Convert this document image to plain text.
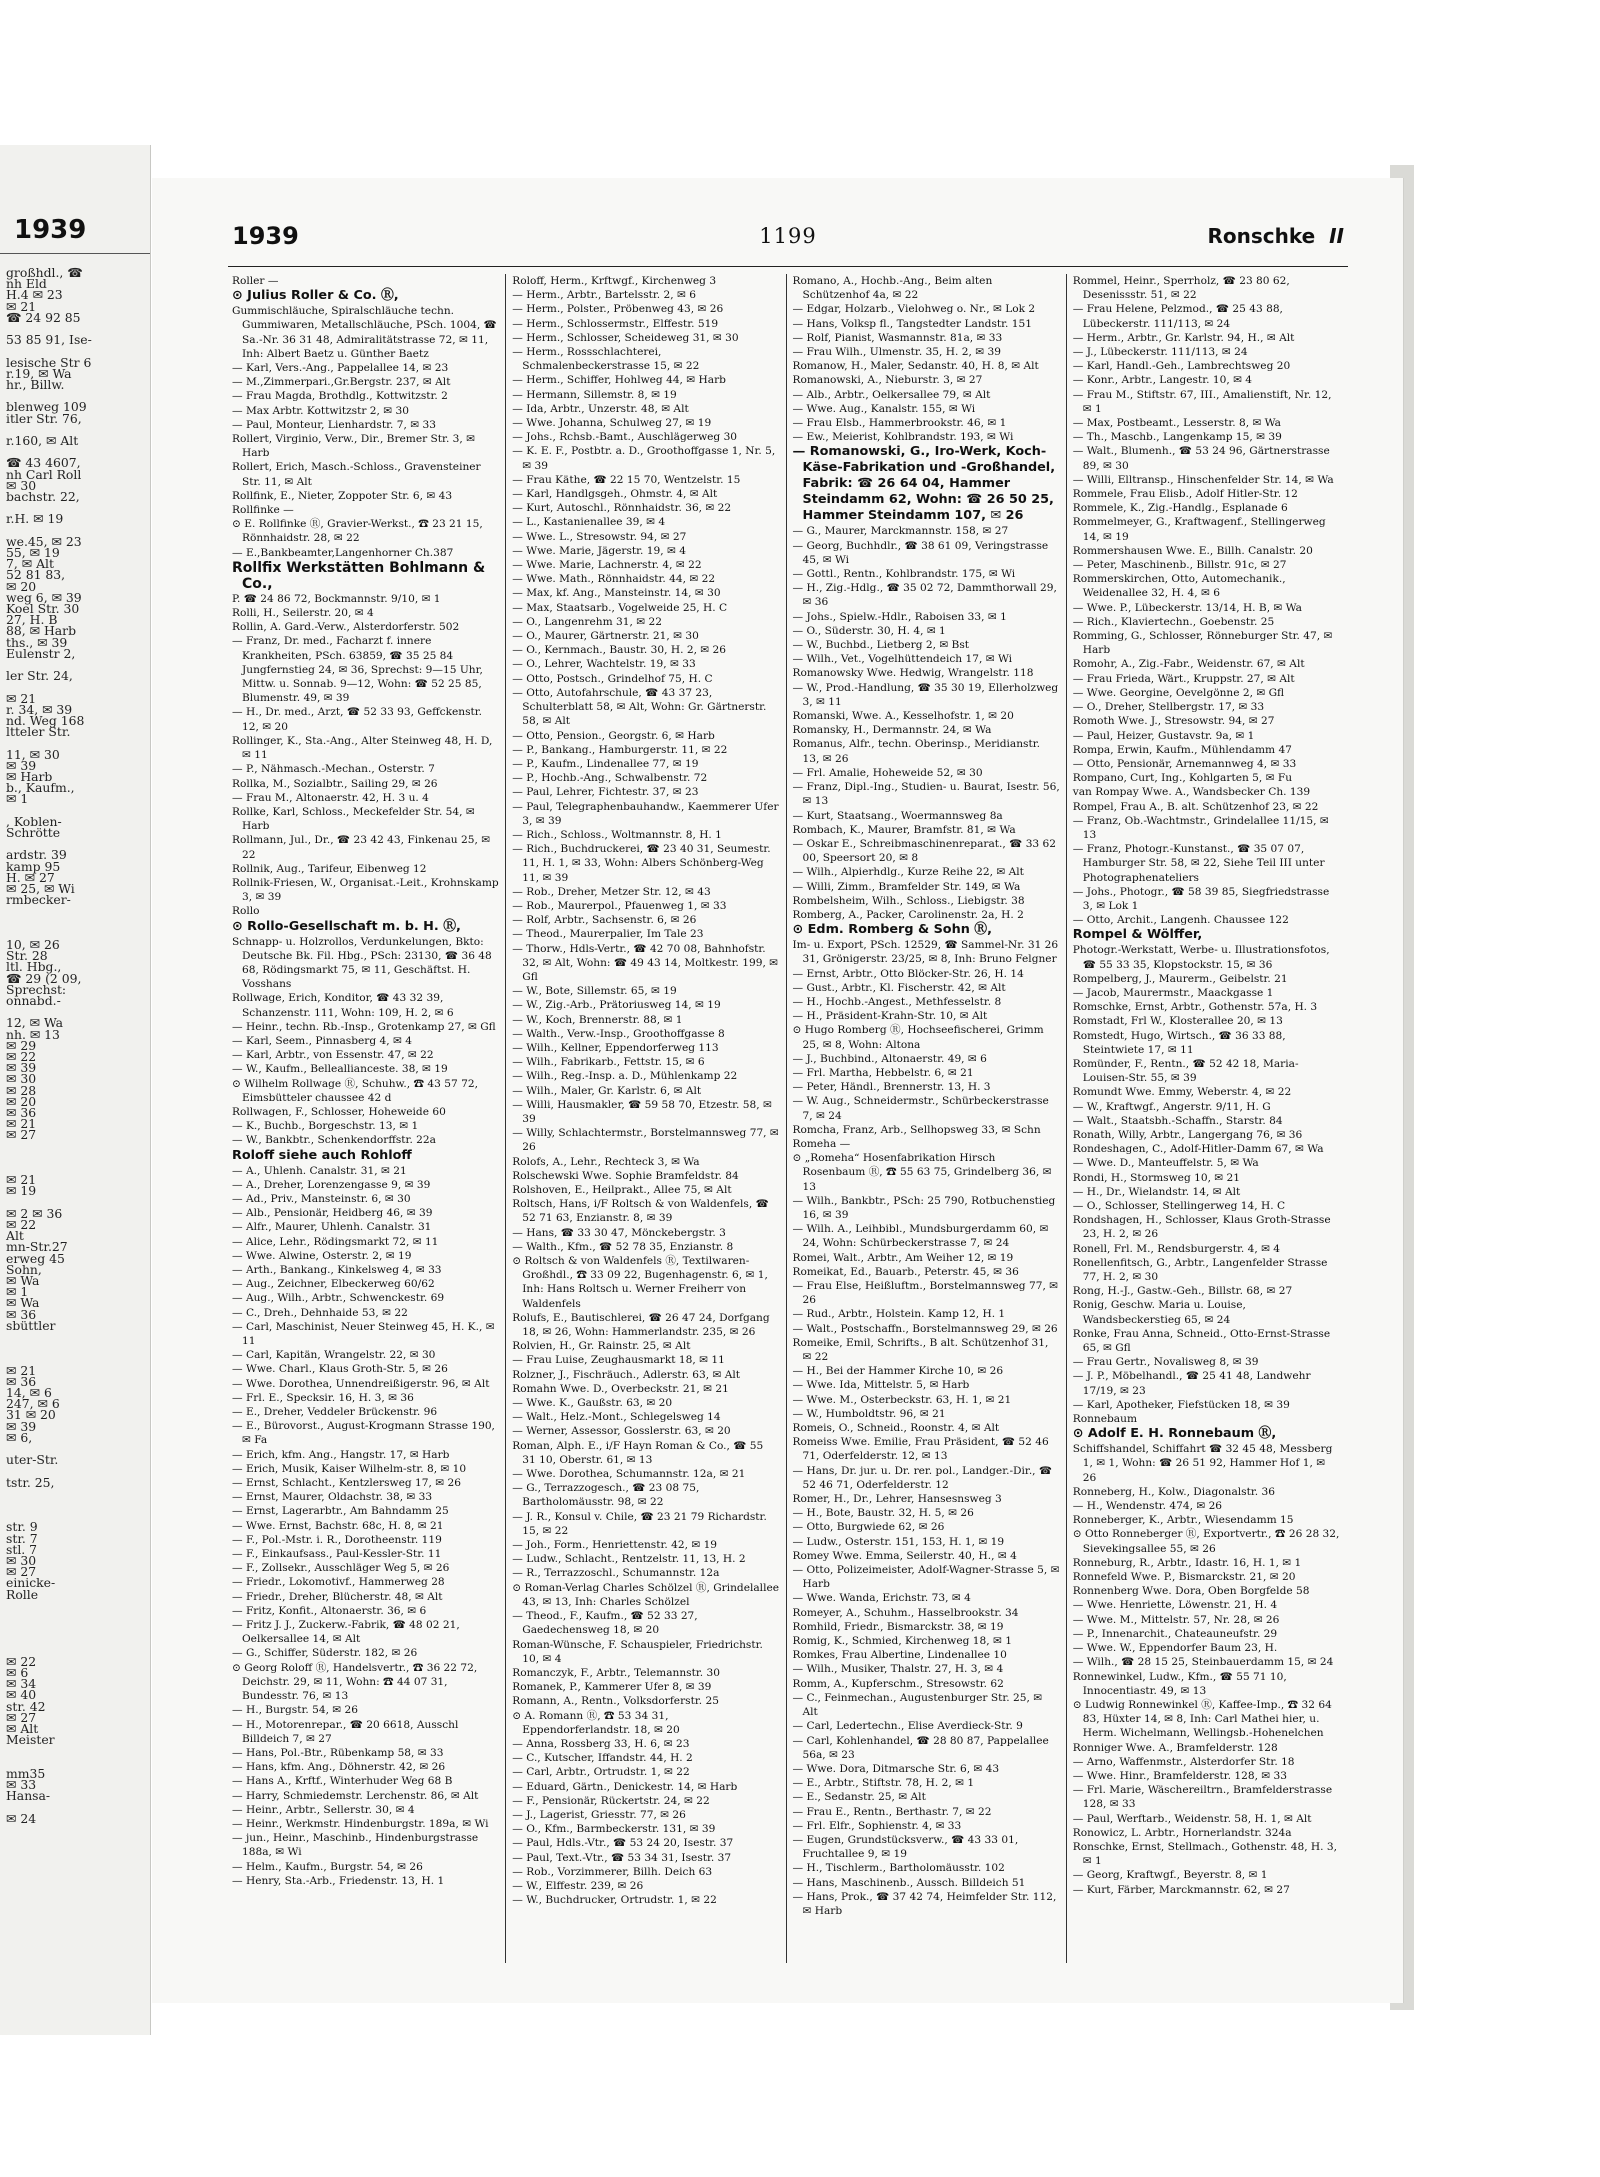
1939
großhdl., ☎
nh Eld
H.4 ✉ 23
✉ 21
☎ 24 92 85
53 85 91, Ise-
lesische Str 6
r.19, ✉ Wa
hr., Billw.
blenweg 109
itler Str. 76,
r.160, ✉ Alt
☎ 43 4607,
nh Carl Roll
✉ 30
bachstr. 22,
r.H. ✉ 19
we.45, ✉ 23
55, ✉ 19
7, ✉ Alt
52 81 83,
✉ 20
weg 6, ✉ 39
Koel Str. 30
27, H. B
88, ✉ Harb
ths., ✉ 39
Eulenstr 2,
ler Str. 24,
✉ 21
r. 34, ✉ 39
nd. Weg 168
ltteler Str.
11, ✉ 30
✉ 39
✉ Harb
b., Kaufm.,
✉ 1
, Koblen-
Schrötte
ardstr. 39
kamp 95
H. ✉ 27
✉ 25, ✉ Wi
rmbecker-
10, ✉ 26
Str. 28
ltl. Hbg.,
☎ 29 (2 09,
Sprechst:
onnabd.-
12, ✉ Wa
nh. ✉ 13
✉ 29
✉ 22
✉ 39
✉ 30
✉ 28
✉ 20
✉ 36
✉ 21
✉ 27
✉ 21
✉ 19
✉ 2 ✉ 36
✉ 22
Alt
mn-Str.27
erweg 45
Sohn,
✉ Wa
✉ 1
✉ Wa
✉ 36
sbüttler
✉ 21
✉ 36
14, ✉ 6
247, ✉ 6
31 ✉ 20
✉ 39
✉ 6,
uter-Str.
tstr. 25,
str. 9
str. 7
stl. 7
✉ 30
✉ 27
einicke-
Rolle
✉ 22
✉ 6
✉ 34
✉ 40
str. 42
✉ 27
✉ Alt
Meister
mm35
✉ 33
Hansa-
✉ 24
1939	1199	Ronschke II
Roller —
⊙ Julius Roller & Co. Ⓡ,
Gummischläuche, Spiralschläuche techn. Gummiwaren, Metallschläuche, PSch. 1004, ☎ Sa.-Nr. 36 31 48, Admiralitätstrasse 72, ✉ 11, Inh: Albert Baetz u. Günther Baetz
— Karl, Vers.-Ang., Pappelallee 14, ✉ 23
— M.,Zimmerpari.,Gr.Bergstr. 237, ✉ Alt
— Frau Magda, Brothdlg., Kottwitzstr. 2
— Max Arbtr. Kottwitzstr 2, ✉ 30
— Paul, Monteur, Lienhardstr. 7, ✉ 33
Rollert, Virginio, Verw., Dir., Bremer Str. 3, ✉ Harb
Rollert, Erich, Masch.-Schloss., Gravensteiner Str. 11, ✉ Alt
Rollfink, E., Nieter, Zoppoter Str. 6, ✉ 43
Rollfinke —
⊙ E. Rollfinke Ⓡ, Gravier-Werkst., ☎ 23 21 15, Rönnhaidstr. 28, ✉ 22
— E.,Bankbeamter,Langenhorner Ch.387
Rollfix Werkstätten Bohlmann & Co.,
P. ☎ 24 86 72, Bockmannstr. 9/10, ✉ 1
Rolli, H., Seilerstr. 20, ✉ 4
Rollin, A. Gard.-Verw., Alsterdorferstr. 502
— Franz, Dr. med., Facharzt f. innere Krankheiten, PSch. 63859, ☎ 35 25 84 Jungfernstieg 24, ✉ 36, Sprechst: 9—15 Uhr, Mittw. u. Sonnab. 9—12, Wohn: ☎ 52 25 85, Blumenstr. 49, ✉ 39
— H., Dr. med., Arzt, ☎ 52 33 93, Geffckenstr. 12, ✉ 20
Rollinger, K., Sta.-Ang., Alter Steinweg 48, H. D, ✉ 11
— P., Nähmasch.-Mechan., Osterstr. 7
Rollka, M., Sozialbtr., Sailing 29, ✉ 26
— Frau M., Altonaerstr. 42, H. 3 u. 4
Rollke, Karl, Schloss., Meckefelder Str. 54, ✉ Harb
Rollmann, Jul., Dr., ☎ 23 42 43, Finkenau 25, ✉ 22
Rollnik, Aug., Tarifeur, Eibenweg 12
Rollnik-Friesen, W., Organisat.-Leit., Krohnskamp 3, ✉ 39
Rollo
⊙ Rollo-Gesellschaft m. b. H. Ⓡ,
Schnapp- u. Holzrollos, Verdunkelungen, Bkto: Deutsche Bk. Fil. Hbg., PSch: 23130, ☎ 36 48 68, Rödingsmarkt 75, ✉ 11, Geschäftst. H. Vosshans
Rollwage, Erich, Konditor, ☎ 43 32 39, Schanzenstr. 111, Wohn: 109, H. 2, ✉ 6
— Heinr., techn. Rb.-Insp., Grotenkamp 27, ✉ Gfl
— Karl, Seem., Pinnasberg 4, ✉ 4
— Karl, Arbtr., von Essenstr. 47, ✉ 22
— W., Kaufm., Belleallianceste. 38, ✉ 19
⊙ Wilhelm Rollwage Ⓡ, Schuhw., ☎ 43 57 72, Eimsbütteler chaussee 42 d
Rollwagen, F., Schlosser, Hoheweide 60
— K., Buchb., Borgeschstr. 13, ✉ 1
— W., Bankbtr., Schenkendorffstr. 22a
Roloff siehe auch Rohloff
— A., Uhlenh. Canalstr. 31, ✉ 21
— A., Dreher, Lorenzengasse 9, ✉ 39
— Ad., Priv., Mansteinstr. 6, ✉ 30
— Alb., Pensionär, Heidberg 46, ✉ 39
— Alfr., Maurer, Uhlenh. Canalstr. 31
— Alice, Lehr., Rödingsmarkt 72, ✉ 11
— Wwe. Alwine, Osterstr. 2, ✉ 19
— Arth., Bankang., Kinkelsweg 4, ✉ 33
— Aug., Zeichner, Elbeckerweg 60/62
— Aug., Wilh., Arbtr., Schwenckestr. 69
— C., Dreh., Dehnhaide 53, ✉ 22
— Carl, Maschinist, Neuer Steinweg 45, H. K., ✉ 11
— Carl, Kapitän, Wrangelstr. 22, ✉ 30
— Wwe. Charl., Klaus Groth-Str. 5, ✉ 26
— Wwe. Dorothea, Unnendreißigerstr. 96, ✉ Alt
— Frl. E., Specksir. 16, H. 3, ✉ 36
— E., Dreher, Veddeler Brückenstr. 96
— E., Bürovorst., August-Krogmann Strasse 190, ✉ Fa
— Erich, kfm. Ang., Hangstr. 17, ✉ Harb
— Erich, Musik, Kaiser Wilhelm-str. 8, ✉ 10
— Ernst, Schlacht., Kentzlersweg 17, ✉ 26
— Ernst, Maurer, Oldachstr. 38, ✉ 33
— Ernst, Lagerarbtr., Am Bahndamm 25
— Wwe. Ernst, Bachstr. 68c, H. 8, ✉ 21
— F., Pol.-Mstr. i. R., Dorotheenstr. 119
— F., Einkaufsass., Paul-Kessler-Str. 11
— F., Zollsekr., Ausschläger Weg 5, ✉ 26
— Friedr., Lokomotivf., Hammerweg 28
— Friedr., Dreher, Blücherstr. 48, ✉ Alt
— Fritz, Konfit., Altonaerstr. 36, ✉ 6
— Fritz J. J., Zuckerw.-Fabrik, ☎ 48 02 21, Oelkersallee 14, ✉ Alt
— G., Schiffer, Süderstr. 182, ✉ 26
⊙ Georg Roloff Ⓡ, Handelsvertr., ☎ 36 22 72, Deichstr. 29, ✉ 11, Wohn: ☎ 44 07 31, Bundesstr. 76, ✉ 13
— H., Burgstr. 54, ✉ 26
— H., Motorenrepar., ☎ 20 6618, Ausschl Billdeich 7, ✉ 27
— Hans, Pol.-Btr., Rübenkamp 58, ✉ 33
— Hans, kfm. Ang., Döhnerstr. 42, ✉ 26
— Hans A., Krftf., Winterhuder Weg 68 B
— Harry, Schmiedemstr. Lerchenstr. 86, ✉ Alt
— Heinr., Arbtr., Sellerstr. 30, ✉ 4
— Heinr., Werkmstr. Hindenburgstr. 189a, ✉ Wi
— jun., Heinr., Maschinb., Hindenburgstrasse 188a, ✉ Wi
— Helm., Kaufm., Burgstr. 54, ✉ 26
— Henry, Sta.-Arb., Friedenstr. 13, H. 1
Roloff, Herm., Krftwgf., Kirchenweg 3
— Herm., Arbtr., Bartelsstr. 2, ✉ 6
— Herm., Polster., Pröbenweg 43, ✉ 26
— Herm., Schlossermstr., Elffestr. 519
— Herm., Schlosser, Scheideweg 31, ✉ 30
— Herm., Rossschlachterei, Schmalenbeckerstrasse 15, ✉ 22
— Herm., Schiffer, Hohlweg 44, ✉ Harb
— Hermann, Sillemstr. 8, ✉ 19
— Ida, Arbtr., Unzerstr. 48, ✉ Alt
— Wwe. Johanna, Schulweg 27, ✉ 19
— Johs., Rchsb.-Bamt., Auschlägerweg 30
— K. E. F., Postbtr. a. D., Groothoffgasse 1, Nr. 5, ✉ 39
— Frau Käthe, ☎ 22 15 70, Wentzelstr. 15
— Karl, Handlgsgeh., Ohmstr. 4, ✉ Alt
— Kurt, Autoschl., Rönnhaidstr. 36, ✉ 22
— L., Kastanienallee 39, ✉ 4
— Wwe. L., Stresowstr. 94, ✉ 27
— Wwe. Marie, Jägerstr. 19, ✉ 4
— Wwe. Marie, Lachnerstr. 4, ✉ 22
— Wwe. Math., Rönnhaidstr. 44, ✉ 22
— Max, kf. Ang., Mansteinstr. 14, ✉ 30
— Max, Staatsarb., Vogelweide 25, H. C
— O., Langenrehm 31, ✉ 22
— O., Maurer, Gärtnerstr. 21, ✉ 30
— O., Kernmach., Baustr. 30, H. 2, ✉ 26
— O., Lehrer, Wachtelstr. 19, ✉ 33
— Otto, Postsch., Grindelhof 75, H. C
— Otto, Autofahrschule, ☎ 43 37 23, Schulterblatt 58, ✉ Alt, Wohn: Gr. Gärtnerstr. 58, ✉ Alt
— Otto, Pension., Georgstr. 6, ✉ Harb
— P., Bankang., Hamburgerstr. 11, ✉ 22
— P., Kaufm., Lindenallee 77, ✉ 19
— P., Hochb.-Ang., Schwalbenstr. 72
— Paul, Lehrer, Fichtestr. 37, ✉ 23
— Paul, Telegraphenbauhandw., Kaemmerer Ufer 3, ✉ 39
— Rich., Schloss., Woltmannstr. 8, H. 1
— Rich., Buchdruckerei, ☎ 23 40 31, Seumestr. 11, H. 1, ✉ 33, Wohn: Albers Schönberg-Weg 11, ✉ 39
— Rob., Dreher, Metzer Str. 12, ✉ 43
— Rob., Maurerpol., Pfauenweg 1, ✉ 33
— Rolf, Arbtr., Sachsenstr. 6, ✉ 26
— Theod., Maurerpalier, Im Tale 23
— Thorw., Hdls-Vertr., ☎ 42 70 08, Bahnhofstr. 32, ✉ Alt, Wohn: ☎ 49 43 14, Moltkestr. 199, ✉ Gfl
— W., Bote, Sillemstr. 65, ✉ 19
— W., Zig.-Arb., Prätoriusweg 14, ✉ 19
— W., Koch, Brennerstr. 88, ✉ 1
— Walth., Verw.-Insp., Groothoffgasse 8
— Wilh., Kellner, Eppendorferweg 113
— Wilh., Fabrikarb., Fettstr. 15, ✉ 6
— Wilh., Reg.-Insp. a. D., Mühlenkamp 22
— Wilh., Maler, Gr. Karlstr. 6, ✉ Alt
— Willi, Hausmakler, ☎ 59 58 70, Etzestr. 58, ✉ 39
— Willy, Schlachtermstr., Borstelmannsweg 77, ✉ 26
Rolofs, A., Lehr., Rechteck 3, ✉ Wa
Rolschewski Wwe. Sophie Bramfeldstr. 84
Rolshoven, E., Heilprakt., Allee 75, ✉ Alt
Roltsch, Hans, i/F Roltsch & von Waldenfels, ☎ 52 71 63, Enzianstr. 8, ✉ 39
— Hans, ☎ 33 30 47, Mönckebergstr. 3
— Walth., Kfm., ☎ 52 78 35, Enzianstr. 8
⊙ Roltsch & von Waldenfels Ⓡ, Textilwaren-Großhdl., ☎ 33 09 22, Bugenhagenstr. 6, ✉ 1, Inh: Hans Roltsch u. Werner Freiherr von Waldenfels
Rolufs, E., Bautischlerei, ☎ 26 47 24, Dorfgang 18, ✉ 26, Wohn: Hammerlandstr. 235, ✉ 26
Rolvien, H., Gr. Rainstr. 25, ✉ Alt
— Frau Luise, Zeughausmarkt 18, ✉ 11
Rolzner, J., Fischräuch., Adlerstr. 63, ✉ Alt
Romahn Wwe. D., Overbeckstr. 21, ✉ 21
— Wwe. K., Gaußstr. 63, ✉ 20
— Walt., Helz.-Mont., Schlegelsweg 14
— Werner, Assessor, Gosslerstr. 63, ✉ 20
Roman, Alph. E., i/F Hayn Roman & Co., ☎ 55 31 10, Oberstr. 61, ✉ 13
— Wwe. Dorothea, Schumannstr. 12a, ✉ 21
— G., Terrazzogesch., ☎ 23 08 75, Bartholomäusstr. 98, ✉ 22
— J. R., Konsul v. Chile, ☎ 23 21 79 Richardstr. 15, ✉ 22
— Joh., Form., Henriettenstr. 42, ✉ 19
— Ludw., Schlacht., Rentzelstr. 11, 13, H. 2
— R., Terrazzoschl., Schumannstr. 12a
⊙ Roman-Verlag Charles Schölzel Ⓡ, Grindelallee 43, ✉ 13, Inh: Charles Schölzel
— Theod., F., Kaufm., ☎ 52 33 27, Gaedechensweg 18, ✉ 20
Roman-Wünsche, F. Schauspieler, Friedrichstr. 10, ✉ 4
Romanczyk, F., Arbtr., Telemannstr. 30
Romanek, P., Kammerer Ufer 8, ✉ 39
Romann, A., Rentn., Volksdorferstr. 25
⊙ A. Romann Ⓡ, ☎ 53 34 31, Eppendorferlandstr. 18, ✉ 20
— Anna, Rossberg 33, H. 6, ✉ 23
— C., Kutscher, Iffandstr. 44, H. 2
— Carl, Arbtr., Ortrudstr. 1, ✉ 22
— Eduard, Gärtn., Denickestr. 14, ✉ Harb
— F., Pensionär, Rückertstr. 24, ✉ 22
— J., Lagerist, Griesstr. 77, ✉ 26
— O., Kfm., Barmbeckerstr. 131, ✉ 39
— Paul, Hdls.-Vtr., ☎ 53 24 20, Isestr. 37
— Paul, Text.-Vtr., ☎ 53 34 31, Isestr. 37
— Rob., Vorzimmerer, Billh. Deich 63
— W., Elffestr. 239, ✉ 26
— W., Buchdrucker, Ortrudstr. 1, ✉ 22
Romano, A., Hochb.-Ang., Beim alten Schützenhof 4a, ✉ 22
— Edgar, Holzarb., Vielohweg o. Nr., ✉ Lok 2
— Hans, Volksp fl., Tangstedter Landstr. 151
— Rolf, Pianist, Wasmannstr. 81a, ✉ 33
— Frau Wilh., Ulmenstr. 35, H. 2, ✉ 39
Romanow, H., Maler, Sedanstr. 40, H. 8, ✉ Alt
Romanowski, A., Nieburstr. 3, ✉ 27
— Alb., Arbtr., Oelkersallee 79, ✉ Alt
— Wwe. Aug., Kanalstr. 155, ✉ Wi
— Frau Elsb., Hammerbrookstr. 46, ✉ 1
— Ew., Meierist, Kohlbrandstr. 193, ✉ Wi
— Romanowski, G., Iro-Werk, Koch-Käse-Fabrikation und -Großhandel, Fabrik: ☎ 26 64 04, Hammer Steindamm 62, Wohn: ☎ 26 50 25, Hammer Steindamm 107, ✉ 26
— G., Maurer, Marckmannstr. 158, ✉ 27
— Georg, Buchhdlr., ☎ 38 61 09, Veringstrasse 45, ✉ Wi
— Gottl., Rentn., Kohlbrandstr. 175, ✉ Wi
— H., Zig.-Hdlg., ☎ 35 02 72, Dammthorwall 29, ✉ 36
— Johs., Spielw.-Hdlr., Raboisen 33, ✉ 1
— O., Süderstr. 30, H. 4, ✉ 1
— W., Buchbd., Lietberg 2, ✉ Bst
— Wilh., Vet., Vogelhüttendeich 17, ✉ Wi
Romanowsky Wwe. Hedwig, Wrangelstr. 118
— W., Prod.-Handlung, ☎ 35 30 19, Ellerholzweg 3, ✉ 11
Romanski, Wwe. A., Kesselhofstr. 1, ✉ 20
Romansky, H., Dermannstr. 24, ✉ Wa
Romanus, Alfr., techn. Oberinsp., Meridianstr. 13, ✉ 26
— Frl. Amalie, Hoheweide 52, ✉ 30
— Franz, Dipl.-Ing., Studien- u. Baurat, Isestr. 56, ✉ 13
— Kurt, Staatsang., Woermannsweg 8a
Rombach, K., Maurer, Bramfstr. 81, ✉ Wa
— Oskar E., Schreibmaschinenreparat., ☎ 33 62 00, Speersort 20, ✉ 8
— Wilh., Alpierhdlg., Kurze Reihe 22, ✉ Alt
— Willi, Zimm., Bramfelder Str. 149, ✉ Wa
Rombelsheim, Wilh., Schloss., Liebigstr. 38
Romberg, A., Packer, Carolinenstr. 2a, H. 2
⊙ Edm. Romberg & Sohn Ⓡ,
Im- u. Export, PSch. 12529, ☎ Sammel-Nr. 31 26 31, Grönigerstr. 23/25, ✉ 8, Inh: Bruno Felgner
— Ernst, Arbtr., Otto Blöcker-Str. 26, H. 14
— Gust., Arbtr., Kl. Fischerstr. 42, ✉ Alt
— H., Hochb.-Angest., Methfesselstr. 8
— H., Präsident-Krahn-Str. 10, ✉ Alt
⊙ Hugo Romberg Ⓡ, Hochseefischerei, Grimm 25, ✉ 8, Wohn: Altona
— J., Buchbind., Altonaerstr. 49, ✉ 6
— Frl. Martha, Hebbelstr. 6, ✉ 21
— Peter, Händl., Brennerstr. 13, H. 3
— W. Aug., Schneidermstr., Schürbeckerstrasse 7, ✉ 24
Romcha, Franz, Arb., Sellhopsweg 33, ✉ Schn
Romeha —
⊙ „Romeha“ Hosenfabrikation Hirsch Rosenbaum Ⓡ, ☎ 55 63 75, Grindelberg 36, ✉ 13
— Wilh., Bankbtr., PSch: 25 790, Rotbuchenstieg 16, ✉ 39
— Wilh. A., Leihbibl., Mundsburgerdamm 60, ✉ 24, Wohn: Schürbeckerstrasse 7, ✉ 24
Romei, Walt., Arbtr., Am Weiher 12, ✉ 19
Romeikat, Ed., Bauarb., Peterstr. 45, ✉ 36
— Frau Else, Heißluftm., Borstelmannsweg 77, ✉ 26
— Rud., Arbtr., Holstein. Kamp 12, H. 1
— Walt., Postschaffn., Borstelmannsweg 29, ✉ 26
Romeike, Emil, Schrifts., B alt. Schützenhof 31, ✉ 22
— H., Bei der Hammer Kirche 10, ✉ 26
— Wwe. Ida, Mittelstr. 5, ✉ Harb
— Wwe. M., Osterbeckstr. 63, H. 1, ✉ 21
— W., Humboldtstr. 96, ✉ 21
Romeis, O., Schneid., Roonstr. 4, ✉ Alt
Romeiss Wwe. Emilie, Frau Präsident, ☎ 52 46 71, Oderfelderstr. 12, ✉ 13
— Hans, Dr. jur. u. Dr. rer. pol., Landger.-Dir., ☎ 52 46 71, Oderfelderstr. 12
Romer, H., Dr., Lehrer, Hansesnsweg 3
— H., Bote, Baustr. 32, H. 5, ✉ 26
— Otto, Burgwiede 62, ✉ 26
— Ludw., Osterstr. 151, 153, H. 1, ✉ 19
Romey Wwe. Emma, Seilerstr. 40, H., ✉ 4
— Otto, Polizeimeister, Adolf-Wagner-Strasse 5, ✉ Harb
— Wwe. Wanda, Erichstr. 73, ✉ 4
Romeyer, A., Schuhm., Hasselbrookstr. 34
Romhild, Friedr., Bismarckstr. 38, ✉ 19
Romig, K., Schmied, Kirchenweg 18, ✉ 1
Romkes, Frau Albertine, Lindenallee 10
— Wilh., Musiker, Thalstr. 27, H. 3, ✉ 4
Romm, A., Kupferschm., Stresowstr. 62
— C., Feinmechan., Augustenburger Str. 25, ✉ Alt
— Carl, Ledertechn., Elise Averdieck-Str. 9
— Carl, Kohlenhandel, ☎ 28 80 87, Pappelallee 56a, ✉ 23
— Wwe. Dora, Ditmarsche Str. 6, ✉ 43
— E., Arbtr., Stiftstr. 78, H. 2, ✉ 1
— E., Sedanstr. 25, ✉ Alt
— Frau E., Rentn., Berthastr. 7, ✉ 22
— Frl. Elfr., Sophienstr. 4, ✉ 33
— Eugen, Grundstücksverw., ☎ 43 33 01, Fruchtallee 9, ✉ 19
— H., Tischlerm., Bartholomäusstr. 102
— Hans, Maschinenb., Aussch. Billdeich 51
— Hans, Prok., ☎ 37 42 74, Heimfelder Str. 112, ✉ Harb
Rommel, Heinr., Sperrholz, ☎ 23 80 62, Desenissstr. 51, ✉ 22
— Frau Helene, Pelzmod., ☎ 25 43 88, Lübeckerstr. 111/113, ✉ 24
— Herm., Arbtr., Gr. Karlstr. 94, H., ✉ Alt
— J., Lübeckerstr. 111/113, ✉ 24
— Karl, Handl.-Geh., Lambrechtsweg 20
— Konr., Arbtr., Langestr. 10, ✉ 4
— Frau M., Stiftstr. 67, III., Amalienstift, Nr. 12, ✉ 1
— Max, Postbeamt., Lesserstr. 8, ✉ Wa
— Th., Maschb., Langenkamp 15, ✉ 39
— Walt., Blumenh., ☎ 53 24 96, Gärtnerstrasse 89, ✉ 30
— Willi, Elltransp., Hinschenfelder Str. 14, ✉ Wa
Rommele, Frau Elisb., Adolf Hitler-Str. 12
Rommele, K., Zig.-Handlg., Esplanade 6
Rommelmeyer, G., Kraftwagenf., Stellingerweg 14, ✉ 19
Rommershausen Wwe. E., Billh. Canalstr. 20
— Peter, Maschinenb., Billstr. 91c, ✉ 27
Rommerskirchen, Otto, Automechanik., Weidenallee 32, H. 4, ✉ 6
— Wwe. P., Lübeckerstr. 13/14, H. B, ✉ Wa
— Rich., Klaviertechn., Goebenstr. 25
Romming, G., Schlosser, Rönneburger Str. 47, ✉ Harb
Romohr, A., Zig.-Fabr., Weidenstr. 67, ✉ Alt
— Frau Frieda, Wärt., Kruppstr. 27, ✉ Alt
— Wwe. Georgine, Oevelgönne 2, ✉ Gfl
— O., Dreher, Stellbergstr. 17, ✉ 33
Romoth Wwe. J., Stresowstr. 94, ✉ 27
— Paul, Heizer, Gustavstr. 9a, ✉ 1
Rompa, Erwin, Kaufm., Mühlendamm 47
— Otto, Pensionär, Arnemannweg 4, ✉ 33
Rompano, Curt, Ing., Kohlgarten 5, ✉ Fu
van Rompay Wwe. A., Wandsbecker Ch. 139
Rompel, Frau A., B. alt. Schützenhof 23, ✉ 22
— Franz, Ob.-Wachtmstr., Grindelallee 11/15, ✉ 13
— Franz, Photogr.-Kunstanst., ☎ 35 07 07, Hamburger Str. 58, ✉ 22, Siehe Teil III unter Photographenateliers
— Johs., Photogr., ☎ 58 39 85, Siegfriedstrasse 3, ✉ Lok 1
— Otto, Archit., Langenh. Chaussee 122
Rompel & Wölffer,
Photogr.-Werkstatt, Werbe- u. Illustrationsfotos, ☎ 55 33 35, Klopstockstr. 15, ✉ 36
Rompelberg, J., Maurerm., Geibelstr. 21
— Jacob, Maurermstr., Maackgasse 1
Romschke, Ernst, Arbtr., Gothenstr. 57a, H. 3
Romstadt, Frl W., Klosterallee 20, ✉ 13
Romstedt, Hugo, Wirtsch., ☎ 36 33 88, Steintwiete 17, ✉ 11
Romünder, F., Rentn., ☎ 52 42 18, Maria-Louisen-Str. 55, ✉ 39
Romundt Wwe. Emmy, Weberstr. 4, ✉ 22
— W., Kraftwgf., Angerstr. 9/11, H. G
— Walt., Staatsbh.-Schaffn., Starstr. 84
Ronath, Willy, Arbtr., Langergang 76, ✉ 36
Rondeshagen, C., Adolf-Hitler-Damm 67, ✉ Wa
— Wwe. D., Manteuffelstr. 5, ✉ Wa
Rondi, H., Stormsweg 10, ✉ 21
— H., Dr., Wielandstr. 14, ✉ Alt
— O., Schlosser, Stellingerweg 14, H. C
Rondshagen, H., Schlosser, Klaus Groth-Strasse 23, H. 2, ✉ 26
Ronell, Frl. M., Rendsburgerstr. 4, ✉ 4
Ronellenfitsch, G., Arbtr., Langenfelder Strasse 77, H. 2, ✉ 30
Rong, H.-J., Gastw.-Geh., Billstr. 68, ✉ 27
Ronig, Geschw. Maria u. Louise, Wandsbeckerstieg 65, ✉ 24
Ronke, Frau Anna, Schneid., Otto-Ernst-Strasse 65, ✉ Gfl
— Frau Gertr., Novalisweg 8, ✉ 39
— J. P., Möbelhandl., ☎ 25 41 48, Landwehr 17/19, ✉ 23
— Karl, Apotheker, Fiefstücken 18, ✉ 39
Ronnebaum
⊙ Adolf E. H. Ronnebaum Ⓡ,
Schiffshandel, Schiffahrt ☎ 32 45 48, Messberg 1, ✉ 1, Wohn: ☎ 26 51 92, Hammer Hof 1, ✉ 26
Ronneberg, H., Kolw., Diagonalstr. 36
— H., Wendenstr. 474, ✉ 26
Ronneberger, K., Arbtr., Wiesendamm 15
⊙ Otto Ronneberger Ⓡ, Exportvertr., ☎ 26 28 32, Sievekingsallee 55, ✉ 26
Ronneburg, R., Arbtr., Idastr. 16, H. 1, ✉ 1
Ronnefeld Wwe. P., Bismarckstr. 21, ✉ 20
Ronnenberg Wwe. Dora, Oben Borgfelde 58
— Wwe. Henriette, Löwenstr. 21, H. 4
— Wwe. M., Mittelstr. 57, Nr. 28, ✉ 26
— P., Innenarchit., Chateauneufstr. 29
— Wwe. W., Eppendorfer Baum 23, H.
— Wilh., ☎ 28 15 25, Steinbauerdamm 15, ✉ 24
Ronnewinkel, Ludw., Kfm., ☎ 55 71 10, Innocentiastr. 49, ✉ 13
⊙ Ludwig Ronnewinkel Ⓡ, Kaffee-Imp., ☎ 32 64 83, Hüxter 14, ✉ 8, Inh: Carl Mathei hier, u. Herm. Wichelmann, Wellingsb.-Hohenelchen
Ronniger Wwe. A., Bramfelderstr. 128
— Arno, Waffenmstr., Alsterdorfer Str. 18
— Wwe. Hinr., Bramfelderstr. 128, ✉ 33
— Frl. Marie, Wäschereiltrn., Bramfelderstrasse 128, ✉ 33
— Paul, Werftarb., Weidenstr. 58, H. 1, ✉ Alt
Ronowicz, L. Arbtr., Hornerlandstr. 324a
Ronschke, Ernst, Stellmach., Gothenstr. 48, H. 3, ✉ 1
— Georg, Kraftwgf., Beyerstr. 8, ✉ 1
— Kurt, Färber, Marckmannstr. 62, ✉ 27
